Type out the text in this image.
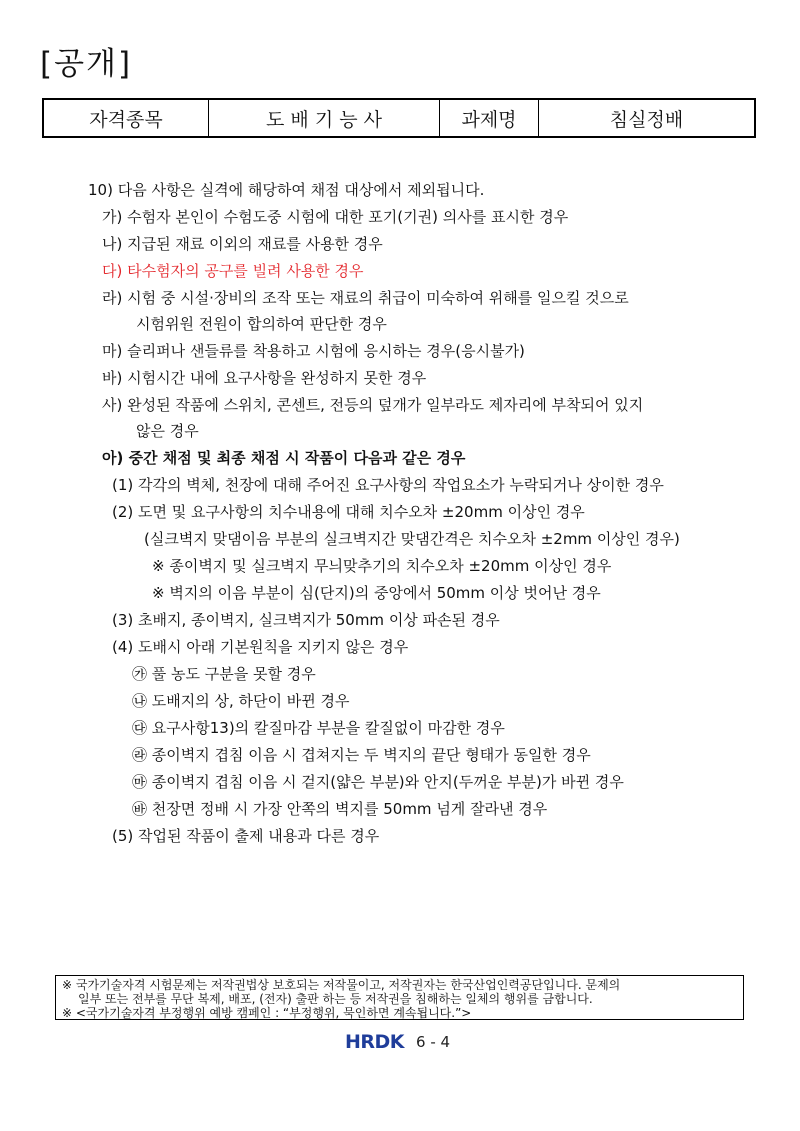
[공개]
자격종목	도 배 기 능 사	과제명	침실정배
10) 다음 사항은 실격에 해당하여 채점 대상에서 제외됩니다.
가) 수험자 본인이 수험도중 시험에 대한 포기(기권) 의사를 표시한 경우
나) 지급된 재료 이외의 재료를 사용한 경우
다) 타수험자의 공구를 빌려 사용한 경우
라) 시험 중 시설·장비의 조작 또는 재료의 취급이 미숙하여 위해를 일으킬 것으로
시험위원 전원이 합의하여 판단한 경우
마) 슬리퍼나 샌들류를 착용하고 시험에 응시하는 경우(응시불가)
바) 시험시간 내에 요구사항을 완성하지 못한 경우
사) 완성된 작품에 스위치, 콘센트, 전등의 덮개가 일부라도 제자리에 부착되어 있지
않은 경우
아) 중간 채점 및 최종 채점 시 작품이 다음과 같은 경우
(1) 각각의 벽체, 천장에 대해 주어진 요구사항의 작업요소가 누락되거나 상이한 경우
(2) 도면 및 요구사항의 치수내용에 대해 치수오차 ±20mm 이상인 경우
(실크벽지 맞댐이음 부분의 실크벽지간 맞댐간격은 치수오차 ±2mm 이상인 경우)
※ 종이벽지 및 실크벽지 무늬맞추기의 치수오차 ±20mm 이상인 경우
※ 벽지의 이음 부분이 심(단지)의 중앙에서 50mm 이상 벗어난 경우
(3) 초배지, 종이벽지, 실크벽지가 50mm 이상 파손된 경우
(4) 도배시 아래 기본원칙을 지키지 않은 경우
㉮ 풀 농도 구분을 못할 경우
㉯ 도배지의 상, 하단이 바뀐 경우
㉰ 요구사항13)의 칼질마감 부분을 칼질없이 마감한 경우
㉱ 종이벽지 겹침 이음 시 겹쳐지는 두 벽지의 끝단 형태가 동일한 경우
㉲ 종이벽지 겹침 이음 시 겉지(얇은 부분)와 안지(두꺼운 부분)가 바뀐 경우
㉳ 천장면 정배 시 가장 안쪽의 벽지를 50mm 넘게 잘라낸 경우
(5) 작업된 작품이 출제 내용과 다른 경우
※ 국가기술자격 시험문제는 저작권법상 보호되는 저작물이고, 저작권자는 한국산업인력공단입니다. 문제의
일부 또는 전부를 무단 복제, 배포, (전자) 출판 하는 등 저작권을 침해하는 일체의 행위를 금합니다.
※ <국가기술자격 부정행위 예방 캠페인 : “부정행위, 묵인하면 계속됩니다.”>
HRDK 6 - 4
